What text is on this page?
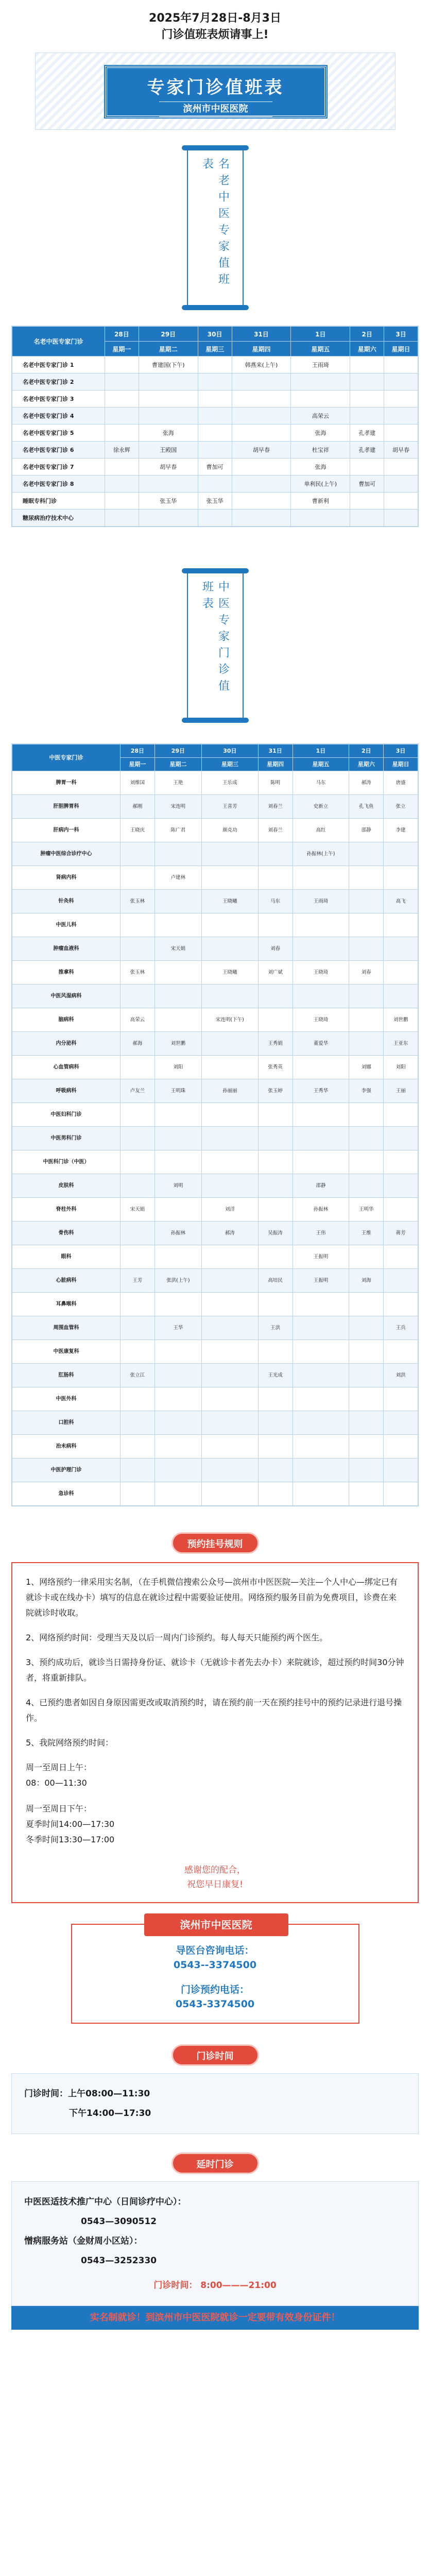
2025年7月28日-8月3日
门诊值班表烦请事上!
专家门诊值班表
滨州市中医医院
名老中医专家值班表
名老中医专家门诊	28日	29日	30日	31日	1日	2日	3日
	星期一	星期二	星期三	星期四	星期五	星期六	星期日
名老中医专家门诊 1		曹建国(下午)		韩燕来(上午)	王雨琦		
名老中医专家门诊 2							
名老中医专家门诊 3							
名老中医专家门诊 4					高荣云		
名老中医专家门诊 5		张海			张海	孔孝建	
名老中医专家门诊 6	徐永辉	王殿国		胡早春	杜宝祥	孔孝建	胡早春
名老中医专家门诊 7		胡早春	曹加可		张海		
名老中医专家门诊 8					单利民(上午)	曹加可	
睡眠专科门诊		张玉华	张玉华		曹新利		
糖尿病治疗技术中心							
中医专家门诊值班表
中医专家门诊	28日	29日	30日	31日	1日	2日	3日
	星期一	星期二	星期三	星期四	星期五	星期六	星期日
脾胃一科	刘维国	王艳	王乐成	陈明	马东	郝涛	唐盛
肝胆脾胃科	郝刚	宋连明	王喜芳	刘春兰	史新立	孔飞鱼	张立
肝病内一科	王晓庆	陈广君	颜克功	刘春兰	高红	邵静	李建
肿瘤中医综合诊疗中心					孙振林(上午)		
肾病内科		卢建林					
针灸科	张玉林		王晓曦	马东	王雨琦		高飞
中医儿科							
肿瘤血液科		宋天娟		刘春			
推拿科	张玉林		王晓曦	刘广斌	王晓琦	刘春	
中医风湿病科							
脑病科	高荣云		宋连明(下午)		王晓琦		刘世鹏
内分泌科	郝海	刘世鹏		王秀娟	董爱华		王亚东
心血管病科		刘阳		张秀英		刘娜	刘阳
呼吸病科	卢友兰	王明珠	孙丽丽	张玉婷	王秀华	李强	王丽
中医妇科门诊							
中医男科门诊							
中医科门诊（中医）							
皮肤科		刘明			邵静		
脊柱外科	宋天娟		刘洋		孙振林	王明华	
骨伤科		孙振林	郝涛	吴振涛	王伟	王维	蒋芳
眼科					王振明		
心脏病科	王芳	张洪(上午)		高培民	王振明	刘海	
耳鼻喉科							
周围血管科		王华		王洪			王兵
中医康复科							
肛肠科	张立江			王光成			刘洪
中医外科							
口腔科							
治未病科							
中医护理门诊							
急诊科							
预约挂号规则

1、网络预约一律采用实名制，（在手机微信搜索公众号—滨州市中医医院—关注—个人中心—绑定已有就诊卡或在线办卡）填写的信息在就诊过程中需要验证使用。网络预约服务目前为免费项目，诊费在来院就诊时收取。

2、网络预约时间：受理当天及以后一周内门诊预约。每人每天只能预约两个医生。

3、预约成功后，就诊当日需持身份证、就诊卡（无就诊卡者先去办卡）来院就诊，超过预约时间30分钟者，将重新排队。

4、已预约患者如因自身原因需更改或取消预约时，请在预约前一天在预约挂号中的预约记录进行退号操作。

5、我院网络预约时间：

周一至周日上午：
08：00—11:30
周一至周日下午：
夏季时间14:00—17:30
冬季时间13:30—17:00
感谢您的配合，
祝您早日康复!
滨州市中医医院
导医台咨询电话：
0543--3374500
门诊预约电话：
0543-3374500
门诊时间
门诊时间：上午08:00—11:30
下午14:00—17:30
延时门诊
中医医适技术推广中心（日间诊疗中心）：
0543—3090512
憎病服务站（金财周小区站）：
0543—3252330
门诊时间： 8:00———21:00
实名制就诊！到滨州市中医医院就诊一定要带有效身份证件！
